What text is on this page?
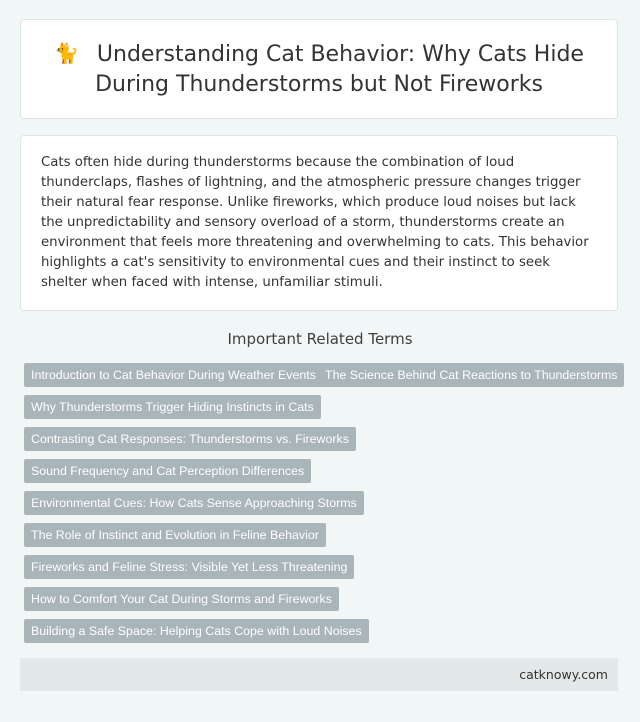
🐈 Understanding Cat Behavior: Why Cats Hide During Thunderstorms but Not Fireworks

Cats often hide during thunderstorms because the combination of loud thunderclaps, flashes of lightning, and the atmospheric pressure changes trigger their natural fear response. Unlike fireworks, which produce loud noises but lack the unpredictability and sensory overload of a storm, thunderstorms create an environment that feels more threatening and overwhelming to cats. This behavior highlights a cat's sensitivity to environmental cues and their instinct to seek shelter when faced with intense, unfamiliar stimuli.

Important Related Terms
Introduction to Cat Behavior During Weather Events The Science Behind Cat Reactions to Thunderstorms
Why Thunderstorms Trigger Hiding Instincts in Cats
Contrasting Cat Responses: Thunderstorms vs. Fireworks
Sound Frequency and Cat Perception Differences
Environmental Cues: How Cats Sense Approaching Storms
The Role of Instinct and Evolution in Feline Behavior
Fireworks and Feline Stress: Visible Yet Less Threatening
How to Comfort Your Cat During Storms and Fireworks
Building a Safe Space: Helping Cats Cope with Loud Noises
catknowy.com
